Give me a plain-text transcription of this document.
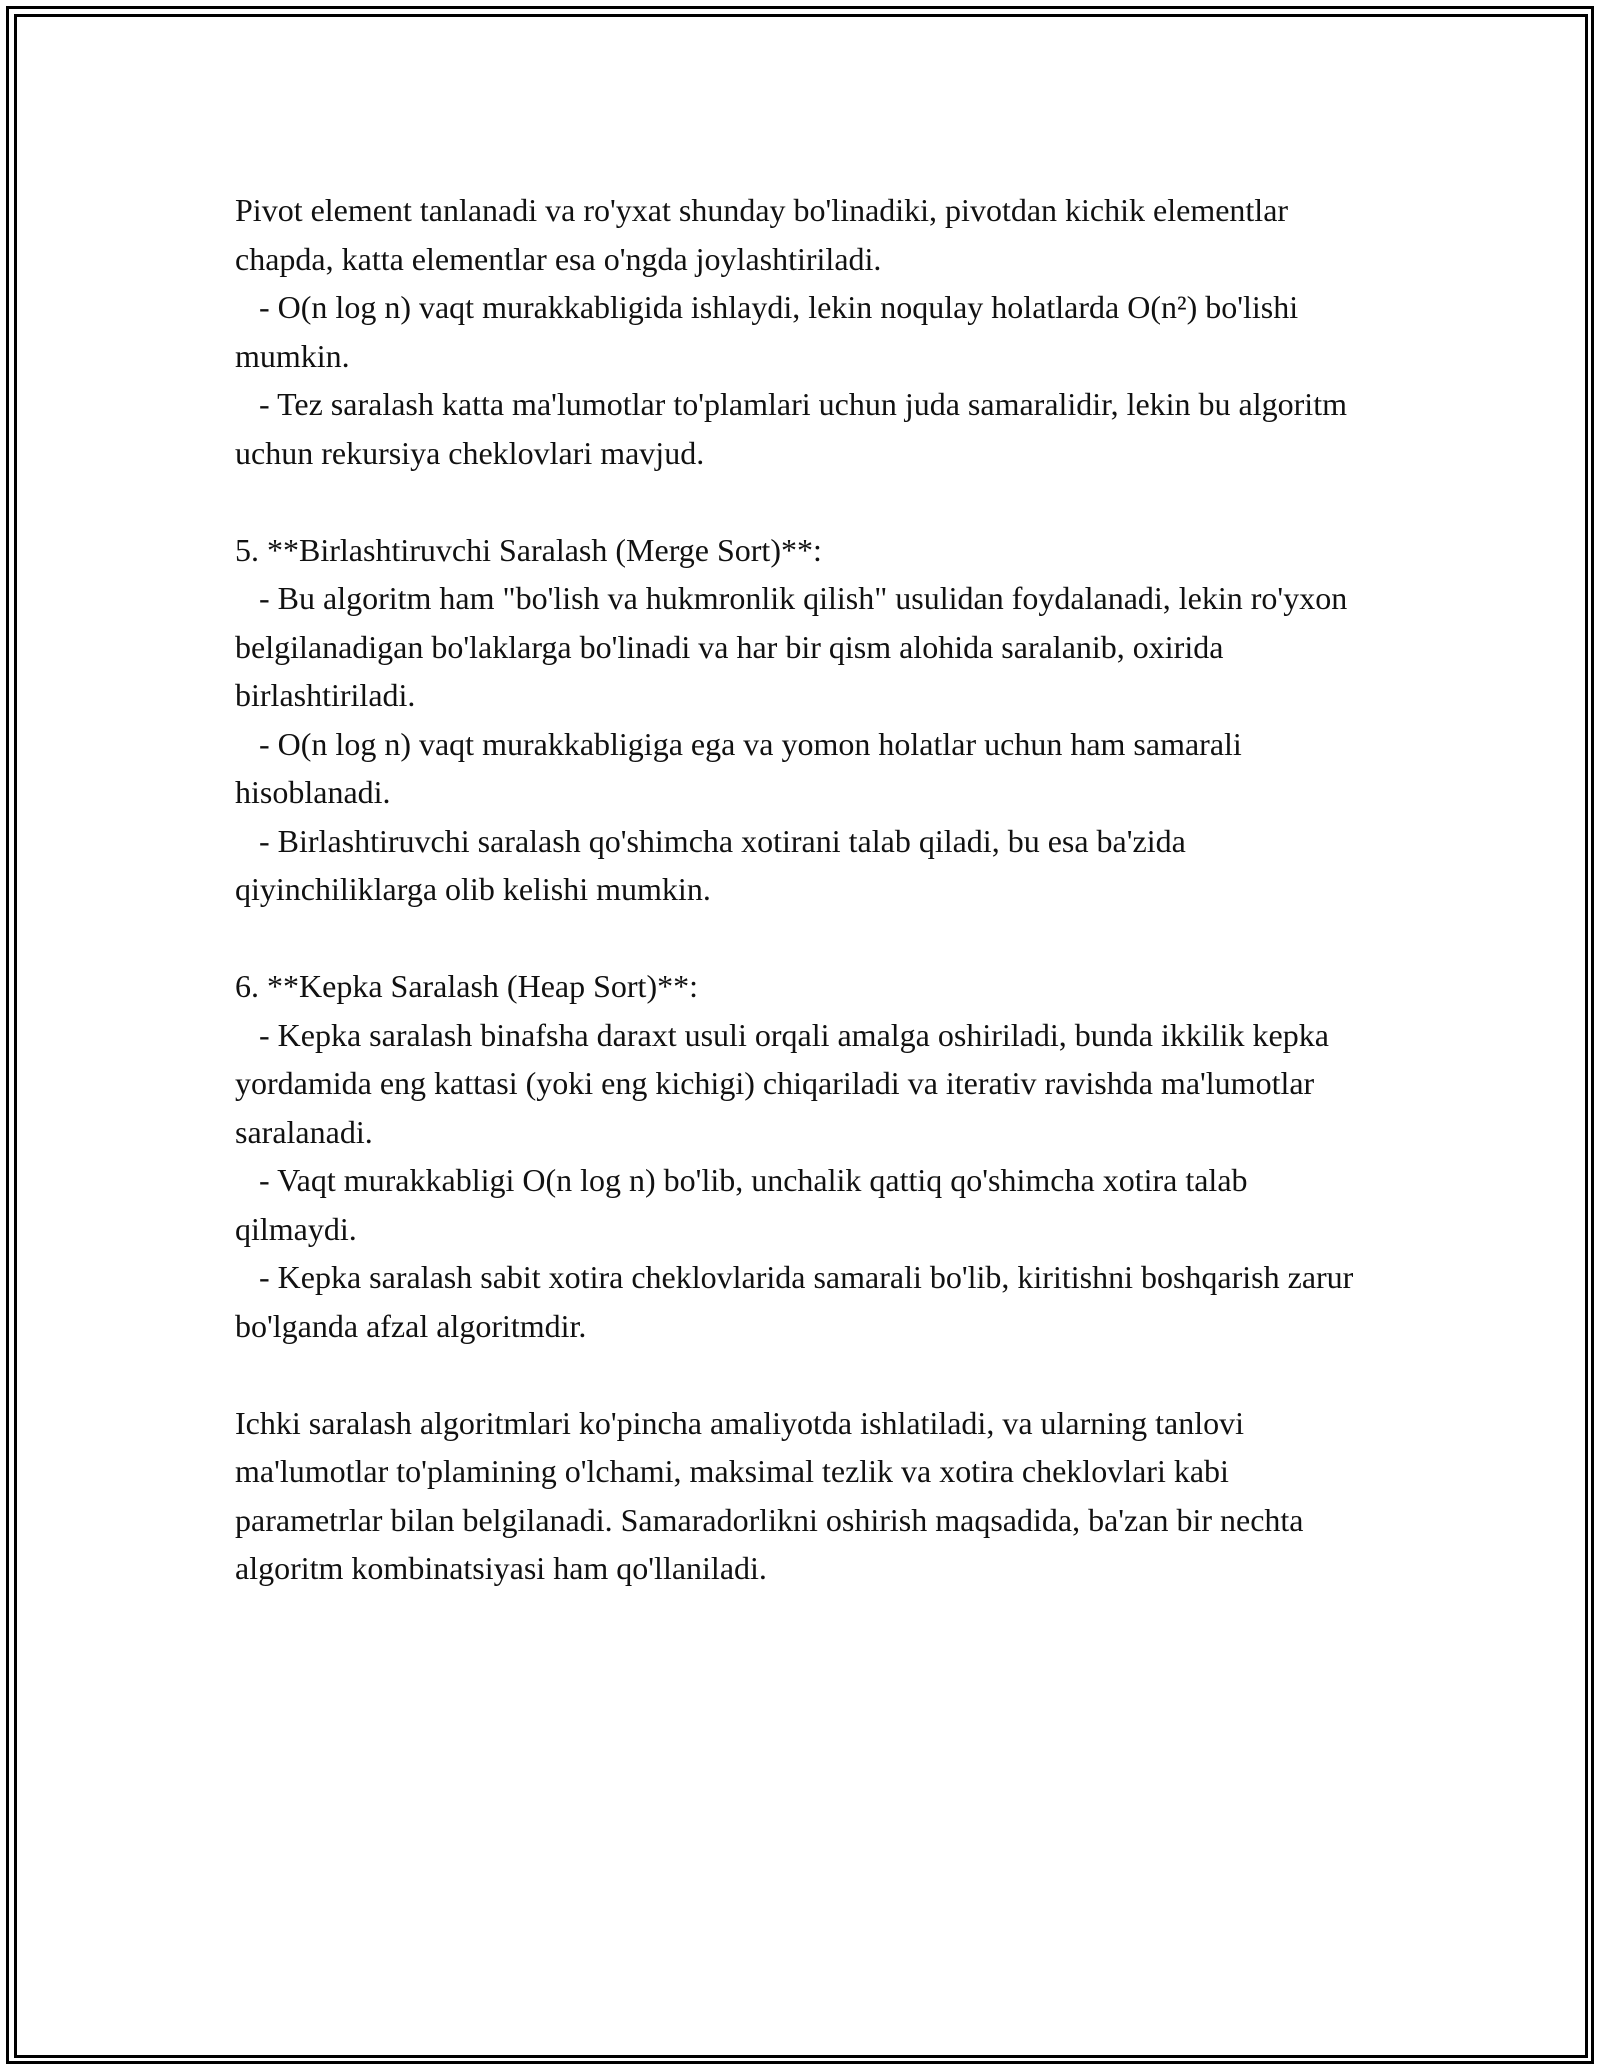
Pivot element tanlanadi va ro'yxat shunday bo'linadiki, pivotdan kichik elementlar chapda, katta elementlar esa o'ngda joylashtiriladi.

- O(n log n) vaqt murakkabligida ishlaydi, lekin noqulay holatlarda O(n²) bo'lishi mumkin.

- Tez saralash katta ma'lumotlar to'plamlari uchun juda samaralidir, lekin bu algoritm uchun rekursiya cheklovlari mavjud.

5. **Birlashtiruvchi Saralash (Merge Sort)**:

- Bu algoritm ham "bo'lish va hukmronlik qilish" usulidan foydalanadi, lekin ro'yxon belgilanadigan bo'laklarga bo'linadi va har bir qism alohida saralanib, oxirida birlashtiriladi.

- O(n log n) vaqt murakkabligiga ega va yomon holatlar uchun ham samarali hisoblanadi.

- Birlashtiruvchi saralash qo'shimcha xotirani talab qiladi, bu esa ba'zida qiyinchiliklarga olib kelishi mumkin.

6. **Kepka Saralash (Heap Sort)**:

- Kepka saralash binafsha daraxt usuli orqali amalga oshiriladi, bunda ikkilik kepka yordamida eng kattasi (yoki eng kichigi) chiqariladi va iterativ ravishda ma'lumotlar saralanadi.

- Vaqt murakkabligi O(n log n) bo'lib, unchalik qattiq qo'shimcha xotira talab qilmaydi.

- Kepka saralash sabit xotira cheklovlarida samarali bo'lib, kiritishni boshqarish zarur bo'lganda afzal algoritmdir.

Ichki saralash algoritmlari ko'pincha amaliyotda ishlatiladi, va ularning tanlovi ma'lumotlar to'plamining o'lchami, maksimal tezlik va xotira cheklovlari kabi parametrlar bilan belgilanadi. Samaradorlikni oshirish maqsadida, ba'zan bir nechta algoritm kombinatsiyasi ham qo'llaniladi.
